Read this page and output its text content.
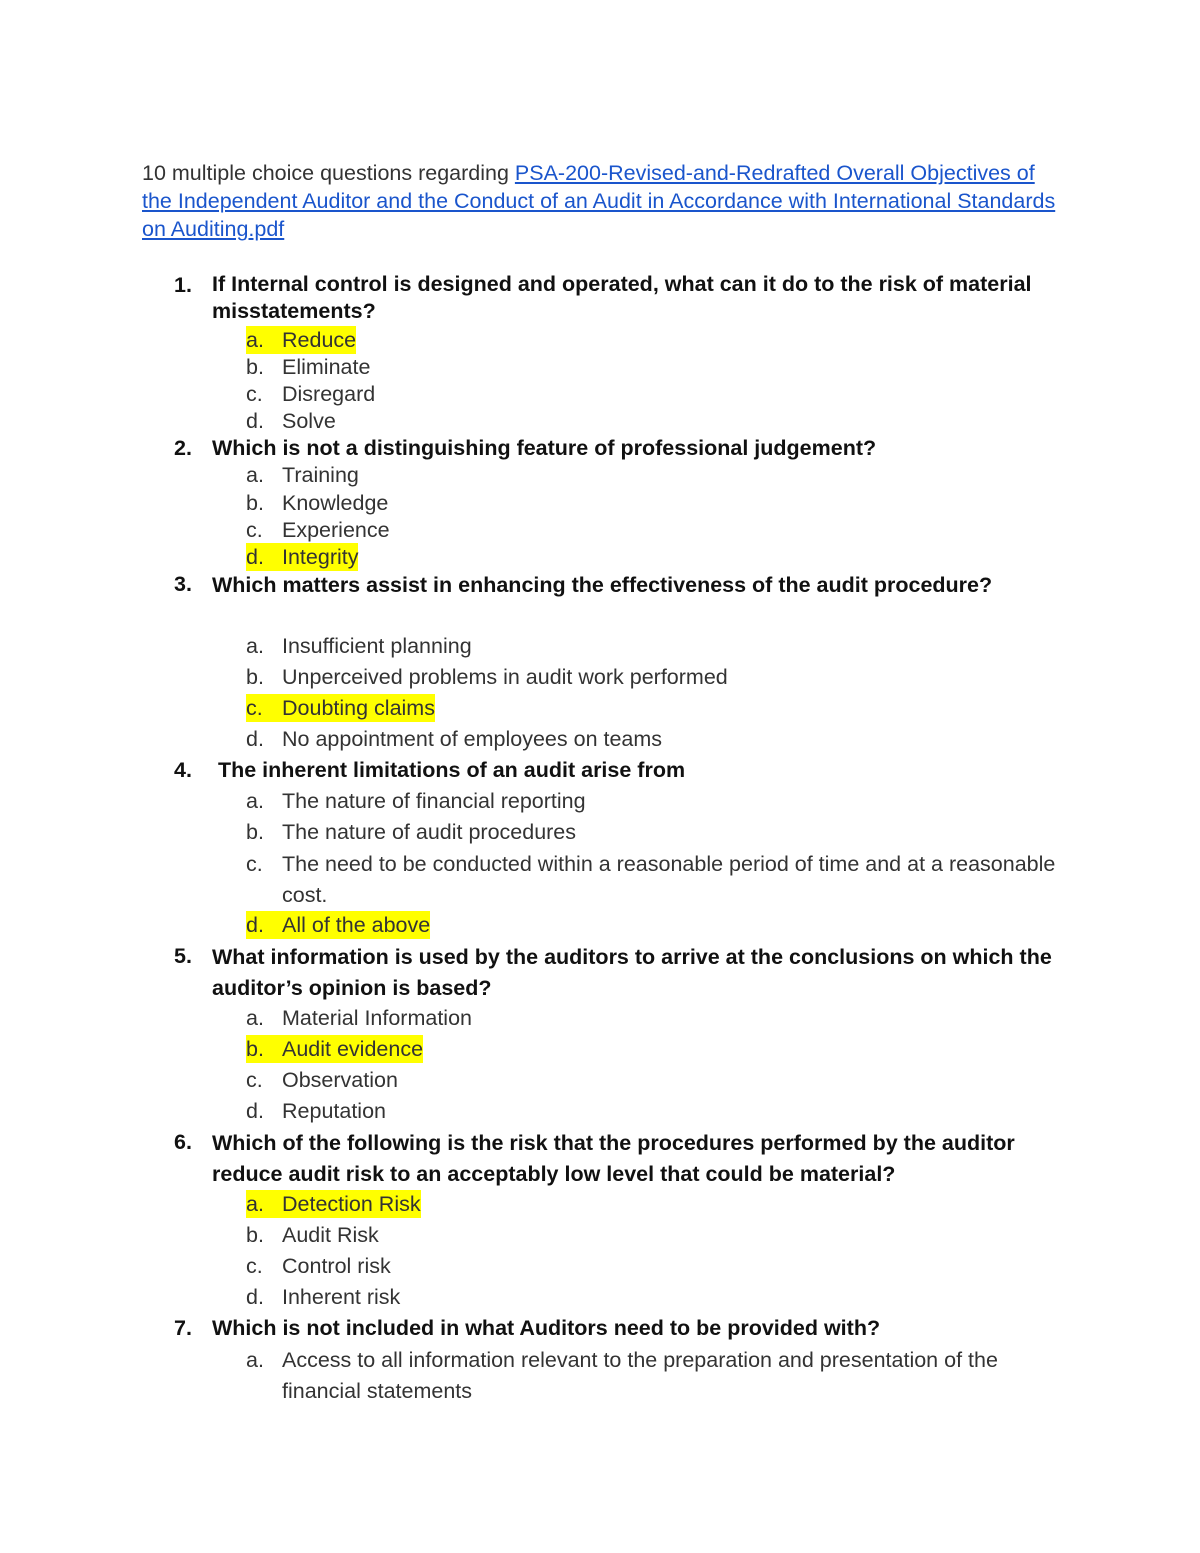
10 multiple choice questions regarding PSA-200-Revised-and-Redrafted Overall Objectives of the Independent Auditor and the Conduct of an Audit in Accordance with International Standards on Auditing.pdf
1. If Internal control is designed and operated, what can it do to the risk of material misstatements?
a. Reduce
b. Eliminate
c. Disregard
d. Solve
2. Which is not a distinguishing feature of professional judgement?
a. Training
b. Knowledge
c. Experience
d. Integrity
3. Which matters assist in enhancing the effectiveness of the audit procedure?
a. Insufficient planning
b. Unperceived problems in audit work performed
c. Doubting claims
d. No appointment of employees on teams
4. The inherent limitations of an audit arise from
a. The nature of financial reporting
b. The nature of audit procedures
c. The need to be conducted within a reasonable period of time and at a reasonable cost.
d. All of the above
5. What information is used by the auditors to arrive at the conclusions on which the auditor’s opinion is based?
a. Material Information
b. Audit evidence
c. Observation
d. Reputation
6. Which of the following is the risk that the procedures performed by the auditor reduce audit risk to an acceptably low level that could be material?
a. Detection Risk
b. Audit Risk
c. Control risk
d. Inherent risk
7. Which is not included in what Auditors need to be provided with?
a. Access to all information relevant to the preparation and presentation of the financial statements
